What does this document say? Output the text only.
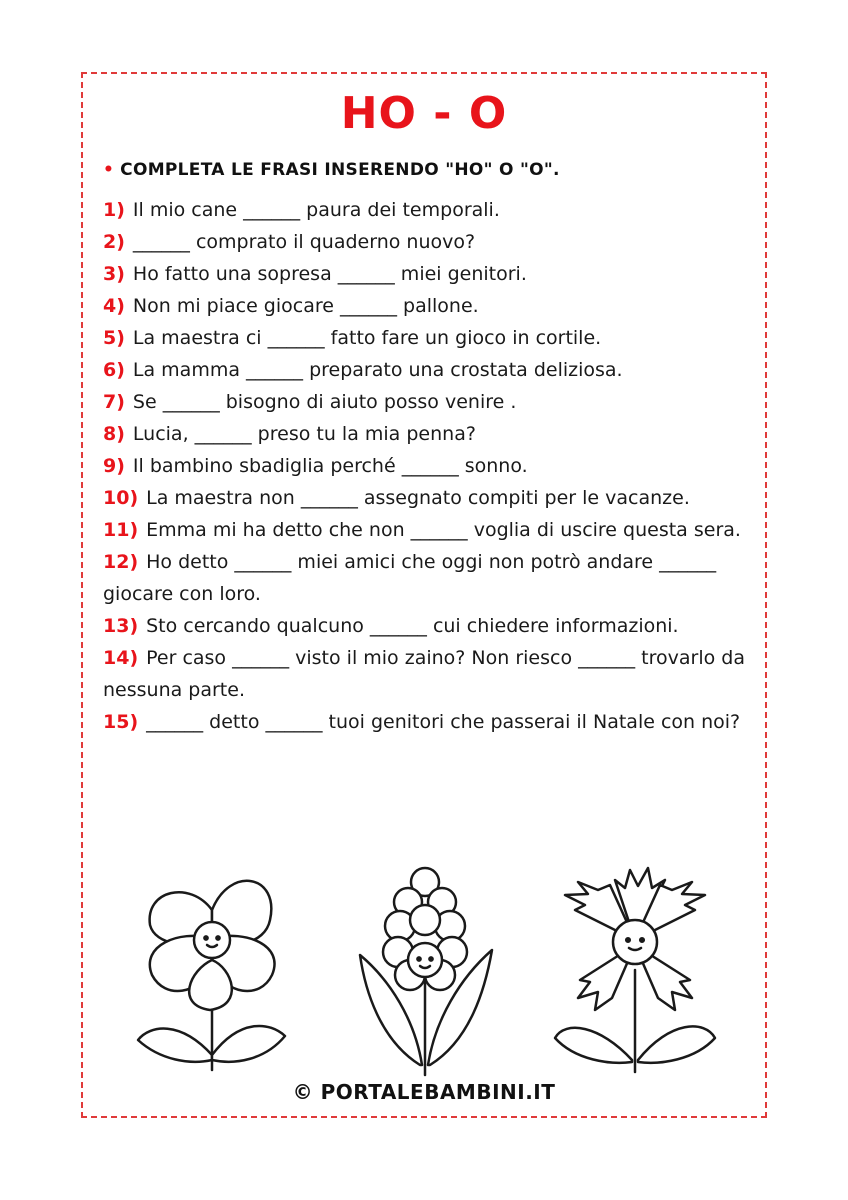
HO - O
• COMPLETA LE FRASI INSERENDO "HO" O "O".
1) Il mio cane ______ paura dei temporali.
2) ______ comprato il quaderno nuovo?
3) Ho fatto una sopresa ______ miei genitori.
4) Non mi piace giocare ______ pallone.
5) La maestra ci ______ fatto fare un gioco in cortile.
6) La mamma ______ preparato una crostata deliziosa.
7) Se ______ bisogno di aiuto posso venire .
8) Lucia, ______ preso tu la mia penna?
9) Il bambino sbadiglia perché ______ sonno.
10) La maestra non ______ assegnato compiti per le vacanze.
11) Emma mi ha detto che non ______ voglia di uscire questa sera.
12) Ho detto ______ miei amici che oggi non potrò andare ______ giocare con loro.
13) Sto cercando qualcuno ______ cui chiedere informazioni.
14) Per caso ______ visto il mio zaino? Non riesco ______ trovarlo da nessuna parte.
15) ______ detto ______ tuoi genitori che passerai il Natale con noi?
© PORTALEBAMBINI.IT
